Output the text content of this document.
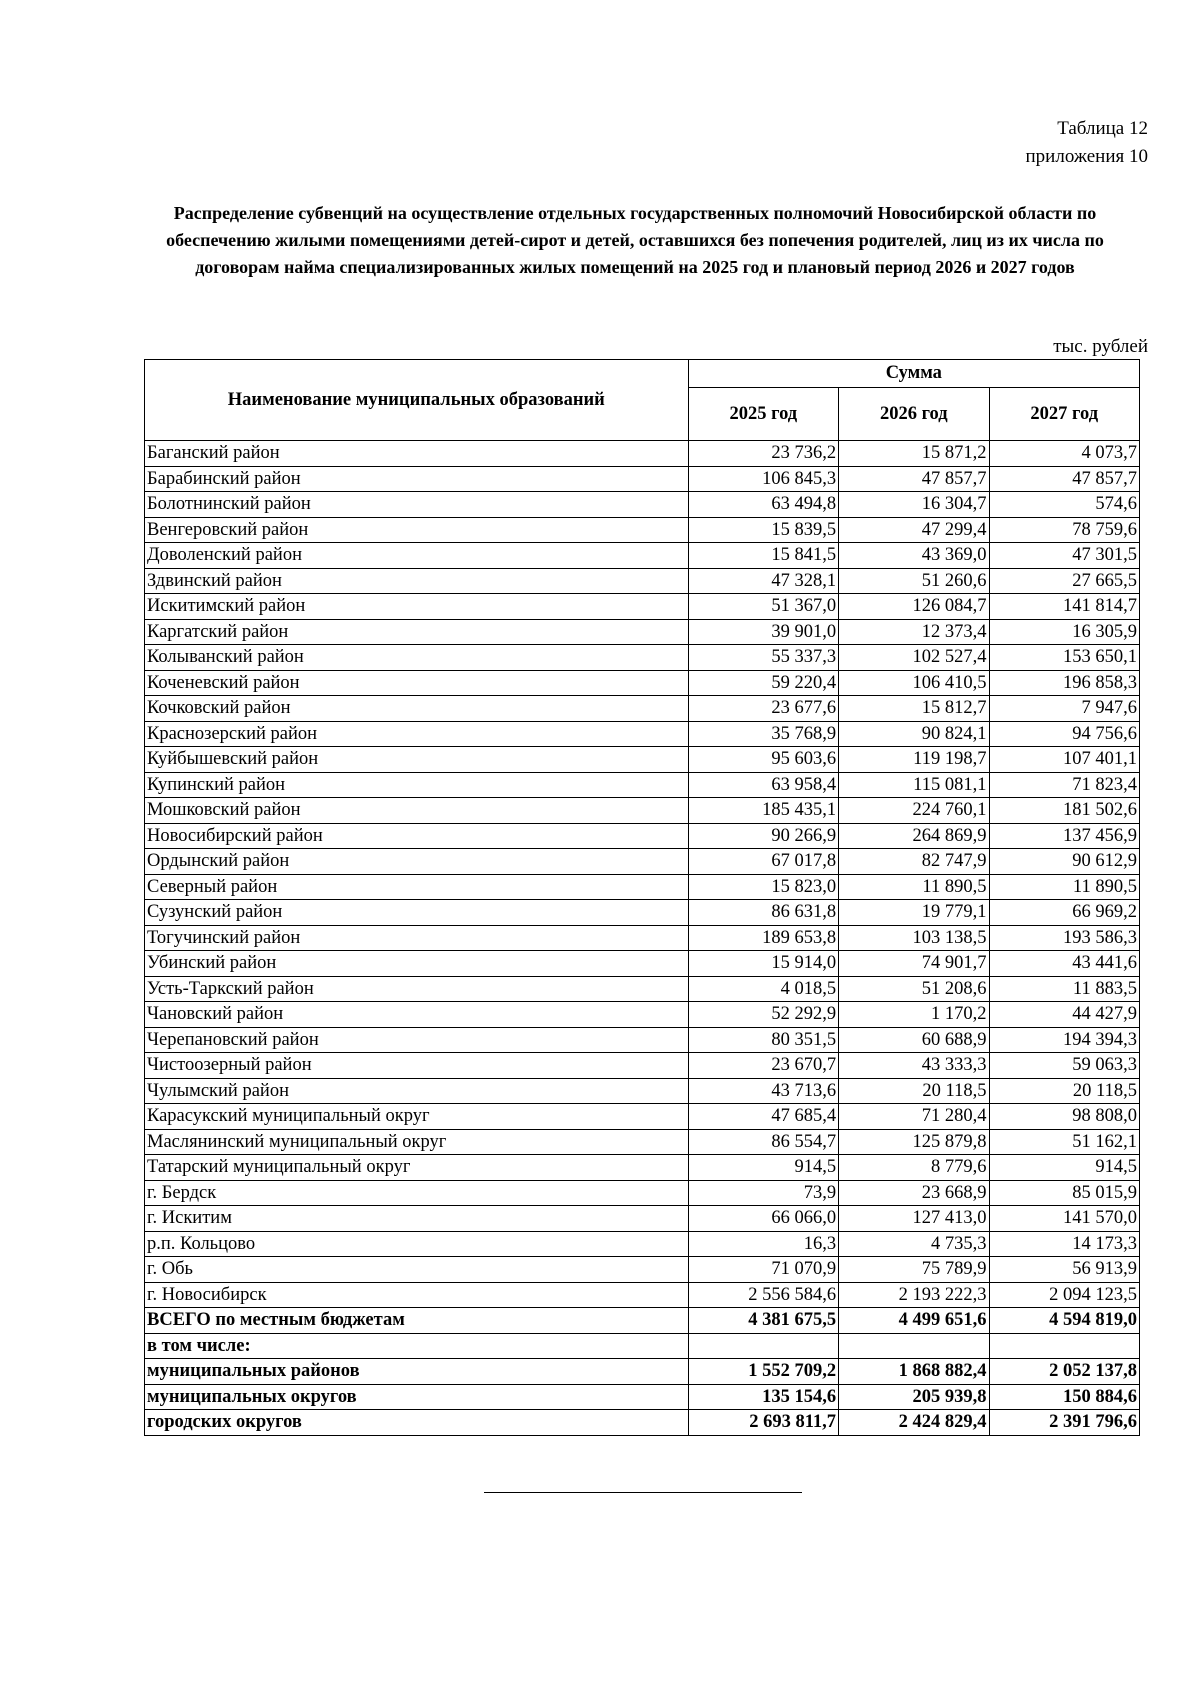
Таблица 12
приложения 10
Распределение субвенций на осуществление отдельных государственных полномочий Новосибирской области по обеспечению жилыми помещениями детей-сирот и детей, оставшихся без попечения родителей, лиц из их числа по договорам найма специализированных жилых помещений на 2025 год и плановый период 2026 и 2027 годов
тыс. рублей
Наименование муниципальных образований	Сумма		
	2025 год	2026 год	2027 год
Баганский район	23 736,2	15 871,2	4 073,7
Барабинский район	106 845,3	47 857,7	47 857,7
Болотнинский район	63 494,8	16 304,7	574,6
Венгеровский район	15 839,5	47 299,4	78 759,6
Доволенский район	15 841,5	43 369,0	47 301,5
Здвинский район	47 328,1	51 260,6	27 665,5
Искитимский район	51 367,0	126 084,7	141 814,7
Каргатский район	39 901,0	12 373,4	16 305,9
Колыванский район	55 337,3	102 527,4	153 650,1
Коченевский район	59 220,4	106 410,5	196 858,3
Кочковский район	23 677,6	15 812,7	7 947,6
Краснозерский район	35 768,9	90 824,1	94 756,6
Куйбышевский район	95 603,6	119 198,7	107 401,1
Купинский район	63 958,4	115 081,1	71 823,4
Мошковский район	185 435,1	224 760,1	181 502,6
Новосибирский район	90 266,9	264 869,9	137 456,9
Ордынский район	67 017,8	82 747,9	90 612,9
Северный район	15 823,0	11 890,5	11 890,5
Сузунский район	86 631,8	19 779,1	66 969,2
Тогучинский район	189 653,8	103 138,5	193 586,3
Убинский район	15 914,0	74 901,7	43 441,6
Усть-Таркский район	4 018,5	51 208,6	11 883,5
Чановский район	52 292,9	1 170,2	44 427,9
Черепановский район	80 351,5	60 688,9	194 394,3
Чистоозерный район	23 670,7	43 333,3	59 063,3
Чулымский район	43 713,6	20 118,5	20 118,5
Карасукский муниципальный округ	47 685,4	71 280,4	98 808,0
Маслянинский муниципальный округ	86 554,7	125 879,8	51 162,1
Татарский муниципальный округ	914,5	8 779,6	914,5
г. Бердск	73,9	23 668,9	85 015,9
г. Искитим	66 066,0	127 413,0	141 570,0
р.п. Кольцово	16,3	4 735,3	14 173,3
г. Обь	71 070,9	75 789,9	56 913,9
г. Новосибирск	2 556 584,6	2 193 222,3	2 094 123,5
ВСЕГО по местным бюджетам	4 381 675,5	4 499 651,6	4 594 819,0
в том числе:			
муниципальных районов	1 552 709,2	1 868 882,4	2 052 137,8
муниципальных округов	135 154,6	205 939,8	150 884,6
городских округов	2 693 811,7	2 424 829,4	2 391 796,6
